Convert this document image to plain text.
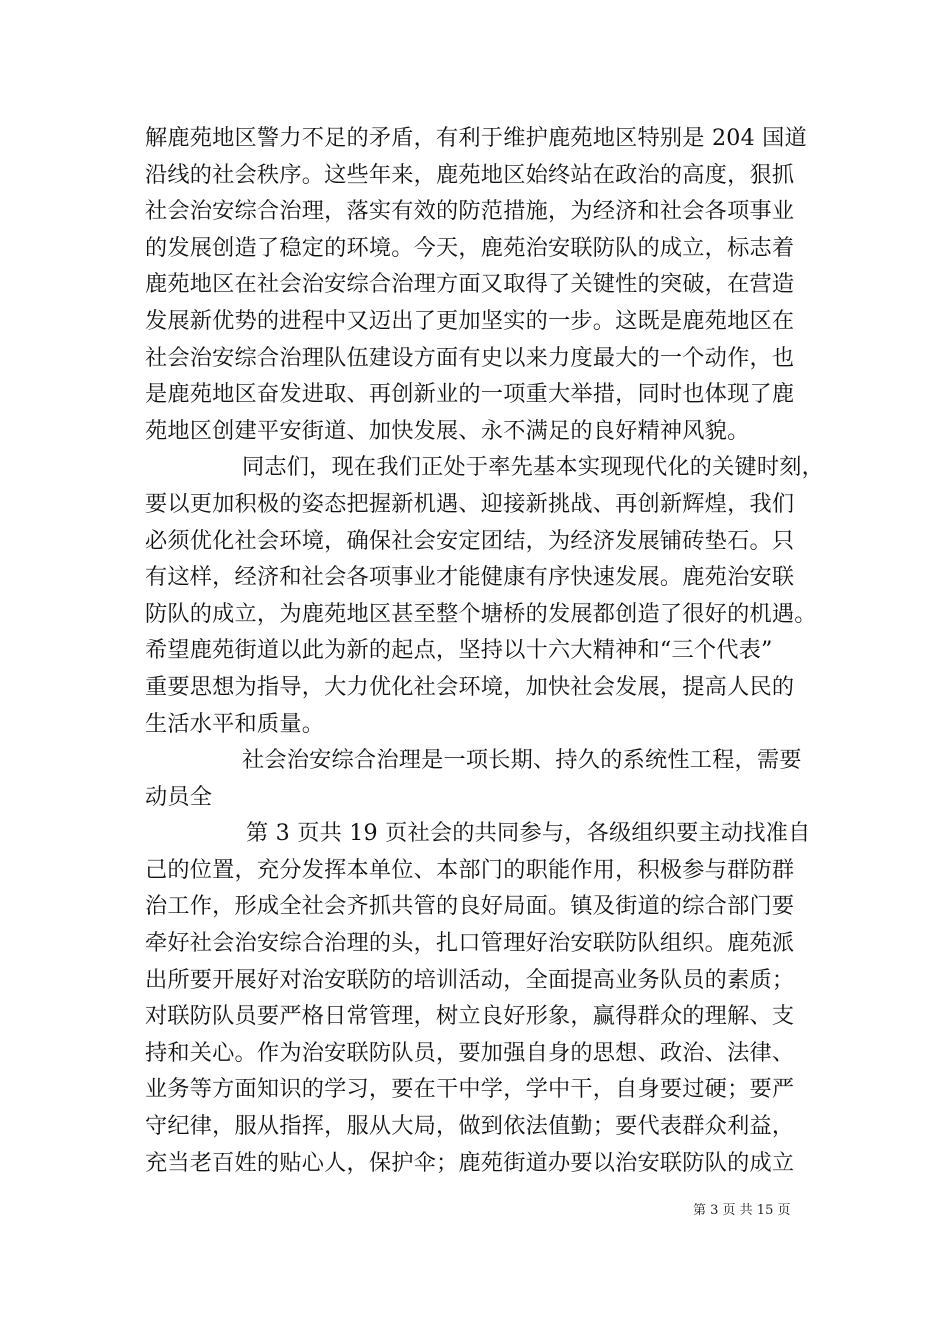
解鹿苑地区警力不足的矛盾，有利于维护鹿苑地区特别是 204 国道
沿线的社会秩序。这些年来，鹿苑地区始终站在政治的高度，狠抓
社会治安综合治理，落实有效的防范措施，为经济和社会各项事业
的发展创造了稳定的环境。今天，鹿苑治安联防队的成立，标志着
鹿苑地区在社会治安综合治理方面又取得了关键性的突破，在营造
发展新优势的进程中又迈出了更加坚实的一步。这既是鹿苑地区在
社会治安综合治理队伍建设方面有史以来力度最大的一个动作，也
是鹿苑地区奋发进取、再创新业的一项重大举措，同时也体现了鹿
苑地区创建平安街道、加快发展、永不满足的良好精神风貌。
同志们，现在我们正处于率先基本实现现代化的关键时刻，
要以更加积极的姿态把握新机遇、迎接新挑战、再创新辉煌，我们
必须优化社会环境，确保社会安定团结，为经济发展铺砖垫石。只
有这样，经济和社会各项事业才能健康有序快速发展。鹿苑治安联
防队的成立，为鹿苑地区甚至整个塘桥的发展都创造了很好的机遇。
希望鹿苑街道以此为新的起点，坚持以十六大精神和“三个代表”
重要思想为指导，大力优化社会环境，加快社会发展，提高人民的
生活水平和质量。
社会治安综合治理是一项长期、持久的系统性工程，需要
动员全
第 3 页共 19 页社会的共同参与，各级组织要主动找准自
己的位置，充分发挥本单位、本部门的职能作用，积极参与群防群
治工作，形成全社会齐抓共管的良好局面。镇及街道的综合部门要
牵好社会治安综合治理的头，扎口管理好治安联防队组织。鹿苑派
出所要开展好对治安联防的培训活动，全面提高业务队员的素质；
对联防队员要严格日常管理，树立良好形象，赢得群众的理解、支
持和关心。作为治安联防队员，要加强自身的思想、政治、法律、
业务等方面知识的学习，要在干中学，学中干，自身要过硬；要严
守纪律，服从指挥，服从大局，做到依法值勤；要代表群众利益，
充当老百姓的贴心人，保护伞；鹿苑街道办要以治安联防队的成立
第 3 页 共 15 页
